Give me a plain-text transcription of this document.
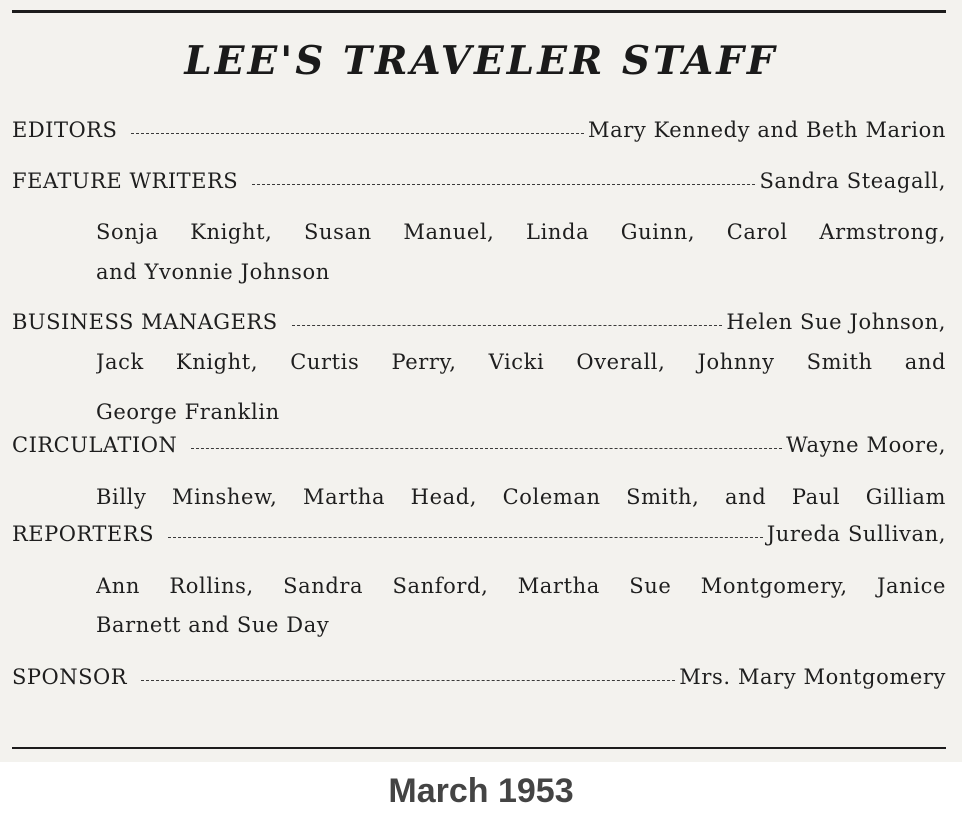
LEE'S TRAVELER STAFF
EDITORS	Mary Kennedy and Beth Marion
FEATURE WRITERS	Sandra Steagall,
Sonja Knight, Susan Manuel, Linda Guinn, Carol Armstrong,
and Yvonnie Johnson
BUSINESS MANAGERS	Helen Sue Johnson,
Jack Knight, Curtis Perry, Vicki Overall, Johnny Smith and
George Franklin
CIRCULATION	Wayne Moore,
Billy Minshew, Martha Head, Coleman Smith, and Paul Gilliam
REPORTERS	Jureda Sullivan,
Ann Rollins, Sandra Sanford, Martha Sue Montgomery, Janice
Barnett and Sue Day
SPONSOR	Mrs. Mary Montgomery
March 1953
